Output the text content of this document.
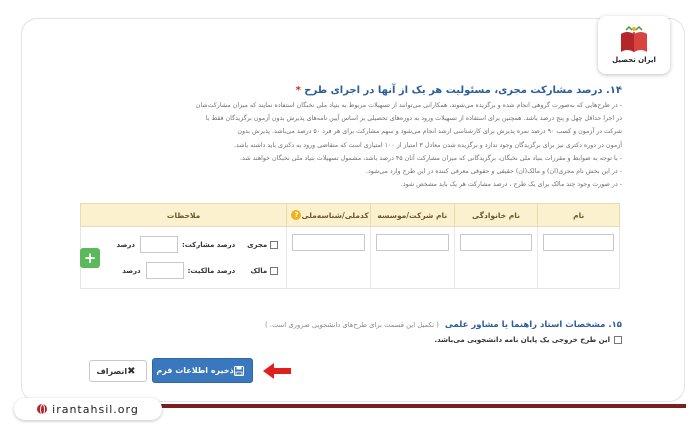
ایران تحصیل
۱۴. درصد مشارکت مجری، مسئولیت هر یک از آنها در اجرای طرح *
- در طرح‌هایی که به‌صورت گروهی انجام شده و برگزیده می‌شوند، همکارانی می‌توانند از تسهیلات مربوط به بنیاد ملی نخبگان استفاده نمایند که میزان مشارکت‌شان
در اجرا حداقل چهل و پنج درصد باشد. همچنین برای استفاده از تسهیلات ورود به دوره‌های تحصیلی بر اساس آیین نامه‌های پذیرش بدون آزمون برگزیدگان فقط با
شرکت در آزمون و کسب ۹۰ درصد نمره پذیرش برای کارشناسی ارشد انجام می‌شود و سهم مشارکت برای هر فرد ۵۰ درصد می‌باشد. پذیرش بدون
آزمون در دوره دکتری نیز برای برگزیدگان وجود ندارد و برگزیده شدن معادل ۳ امتیاز از ۱۰۰ امتیازی است که متقاضی ورود به دکتری باید داشته باشد.
- با توجه به ضوابط و مقررات بنیاد ملی نخبگان، برگزیدگانی که میزان مشارکت آنان ۴۵ درصد باشد، مشمول تسهیلات بنیاد ملی نخبگان خواهند شد.
- در این بخش نام مجری(ان) و مالک(ان) حقیقی و حقوقی معرفی کننده در این طرح وارد می‌شود.
- در صورت وجود چند مالک برای یک طرح ، درصد مشارکت هر یک باید مشخص شود.
نام
نام خانوادگی
نام شرکت/موسسه
کدملی/شناسه‌ملی
?
ملاحظات
مجری
درصد مشارکت:
درصد
مالک
درصد مالکیت:
درصد
+
۱۵. مشخصات استاد راهنما یا مشاور علمی ( تکمیل این قسمت برای طرح‌های دانشجویی ضروری است. )
این طرح خروجی یک پایان نامه دانشجویی می‌باشد.
ذخیره اطلاعات فرم
✖
انصراف
irantahsil.org
